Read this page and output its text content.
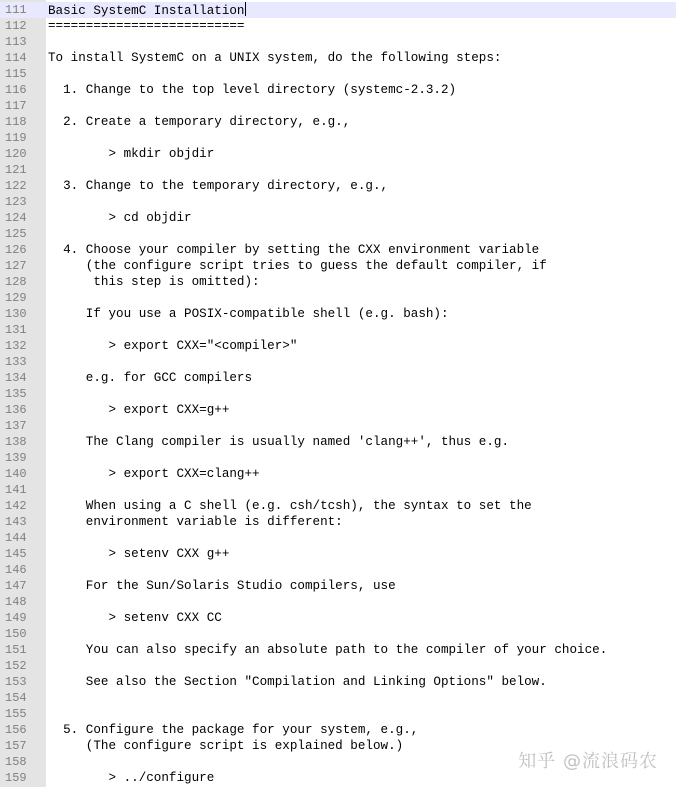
111	Basic SystemC Installation
112	==========================
113
114	To install SystemC on a UNIX system, do the following steps:
115
116	1. Change to the top level directory (systemc-2.3.2)
117
118	2. Create a temporary directory, e.g.,
119
120	> mkdir objdir
121
122	3. Change to the temporary directory, e.g.,
123
124	> cd objdir
125
126	4. Choose your compiler by setting the CXX environment variable
127	(the configure script tries to guess the default compiler, if
128	this step is omitted):
129
130	If you use a POSIX-compatible shell (e.g. bash):
131
132	> export CXX="<compiler>"
133
134	e.g. for GCC compilers
135
136	> export CXX=g++
137
138	The Clang compiler is usually named 'clang++', thus e.g.
139
140	> export CXX=clang++
141
142	When using a C shell (e.g. csh/tcsh), the syntax to set the
143	environment variable is different:
144
145	> setenv CXX g++
146
147	For the Sun/Solaris Studio compilers, use
148
149	> setenv CXX CC
150
151	You can also specify an absolute path to the compiler of your choice.
152
153	See also the Section "Compilation and Linking Options" below.
154
155
156	5. Configure the package for your system, e.g.,
157	(The configure script is explained below.)
158
159	> ../configure
知乎 @流浪码农
